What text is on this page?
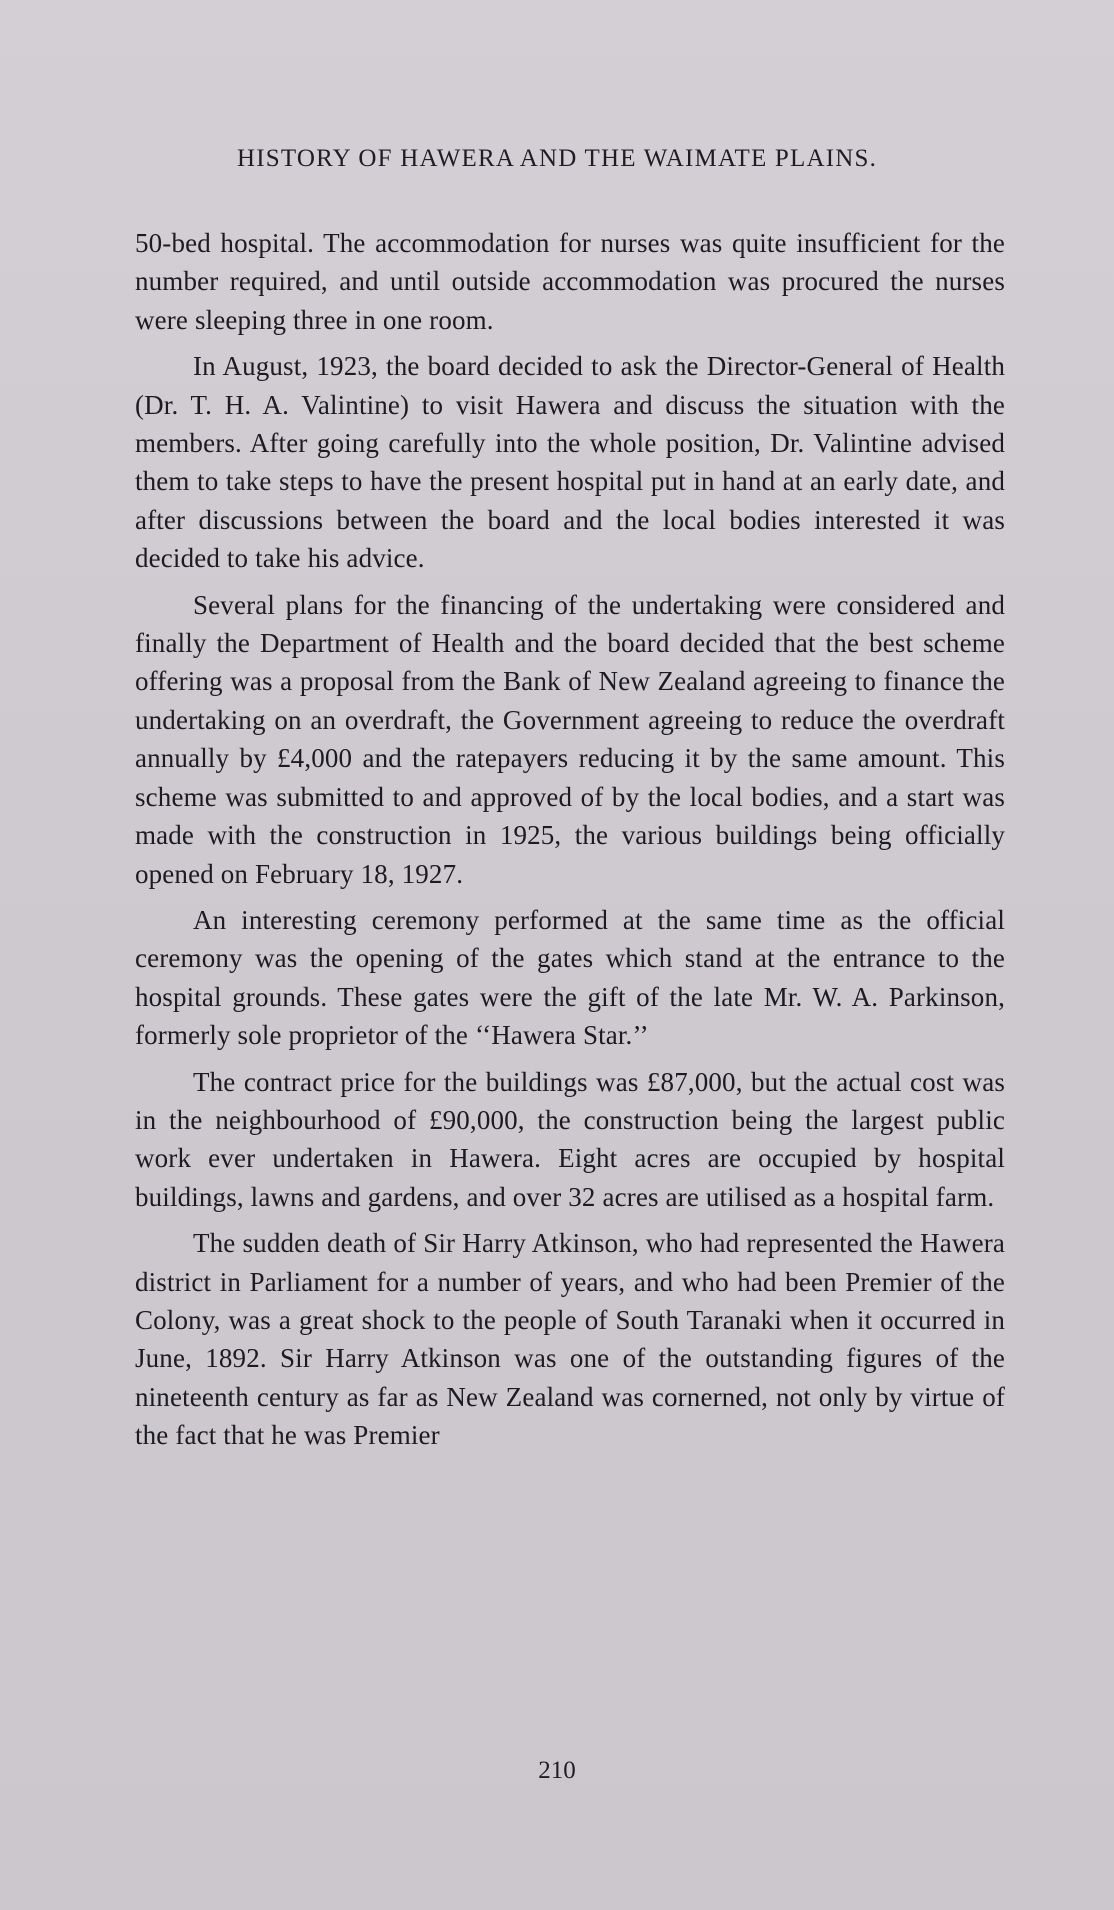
HISTORY OF HAWERA AND THE WAIMATE PLAINS.

50-bed hospital. The accommodation for nurses was quite insufficient for the number required, and until outside accommodation was procured the nurses were sleeping three in one room.

In August, 1923, the board decided to ask the Director-General of Health (Dr. T. H. A. Valintine) to visit Hawera and discuss the situation with the members. After going carefully into the whole position, Dr. Valintine advised them to take steps to have the present hospital put in hand at an early date, and after discussions between the board and the local bodies interested it was decided to take his advice.

Several plans for the financing of the undertaking were considered and finally the Department of Health and the board decided that the best scheme offering was a proposal from the Bank of New Zealand agreeing to finance the undertaking on an overdraft, the Government agreeing to reduce the overdraft annually by £4,000 and the ratepayers reducing it by the same amount. This scheme was submitted to and approved of by the local bodies, and a start was made with the construction in 1925, the various buildings being officially opened on February 18, 1927.

An interesting ceremony performed at the same time as the official ceremony was the opening of the gates which stand at the entrance to the hospital grounds. These gates were the gift of the late Mr. W. A. Parkinson, formerly sole proprietor of the ‘‘Hawera Star.’’

The contract price for the buildings was £87,000, but the actual cost was in the neighbourhood of £90,000, the construction being the largest public work ever undertaken in Hawera. Eight acres are occupied by hospital buildings, lawns and gardens, and over 32 acres are utilised as a hospital farm.

The sudden death of Sir Harry Atkinson, who had represented the Hawera district in Parliament for a number of years, and who had been Premier of the Colony, was a great shock to the people of South Taranaki when it occurred in June, 1892. Sir Harry Atkinson was one of the outstanding figures of the nineteenth century as far as New Zealand was cornerned, not only by virtue of the fact that he was Premier

210
